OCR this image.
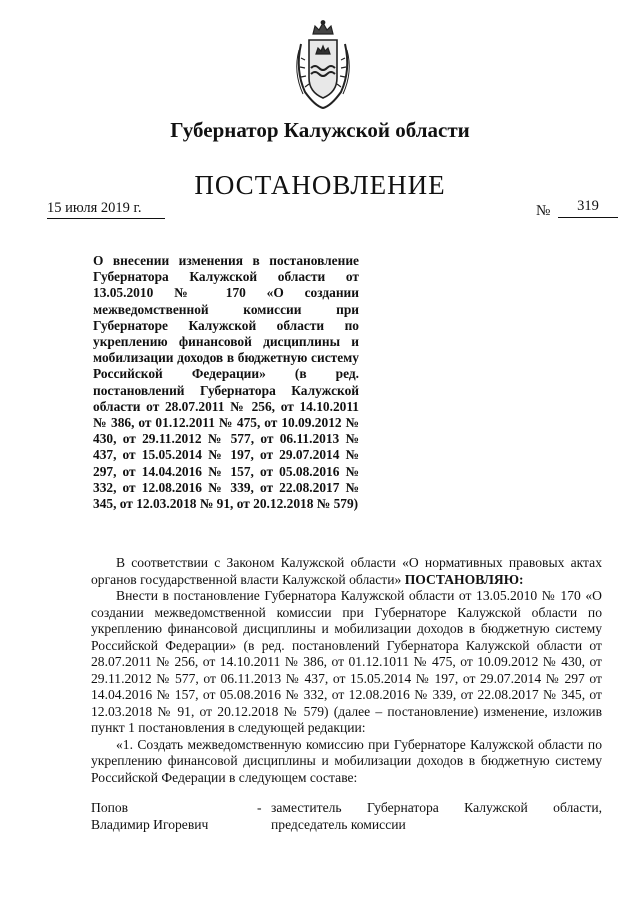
Губернатор Калужской области
ПОСТАНОВЛЕНИЕ
15 июля 2019 г.	№	319

О внесении изменения в постановление Губернатора Калужской области от 13.05.2010 № 170 «О создании межведомственной комиссии при Губернаторе Калужской области по укреплению финансовой дисциплины и мобилизации доходов в бюджетную систему Российской Федерации» (в ред. постановлений Губернатора Калужской области от 28.07.2011 № 256, от 14.10.2011 № 386, от 01.12.2011 № 475, от 10.09.2012 № 430, от 29.11.2012 № 577, от 06.11.2013 № 437, от 15.05.2014 № 197, от 29.07.2014 № 297, от 14.04.2016 № 157, от 05.08.2016 № 332, от 12.08.2016 № 339, от 22.08.2017 № 345, от 12.03.2018 № 91, от 20.12.2018 № 579)

В соответствии с Законом Калужской области «О нормативных правовых актах органов государственной власти Калужской области» ПОСТАНОВЛЯЮ:

Внести в постановление Губернатора Калужской области от 13.05.2010 № 170 «О создании межведомственной комиссии при Губернаторе Калужской области по укреплению финансовой дисциплины и мобилизации доходов в бюджетную систему Российской Федерации» (в ред. постановлений Губернатора Калужской области от 28.07.2011 № 256, от 14.10.2011 № 386, от 01.12.1011 № 475, от 10.09.2012 № 430, от 29.11.2012 № 577, от 06.11.2013 № 437, от 15.05.2014 № 197, от 29.07.2014 № 297 от 14.04.2016 № 157, от 05.08.2016 № 332, от 12.08.2016 № 339, от 22.08.2017 № 345, от 12.03.2018 № 91, от 20.12.2018 № 579) (далее – постановление) изменение, изложив пункт 1 постановления в следующей редакции:

«1. Создать межведомственную комиссию при Губернаторе Калужской области по укреплению финансовой дисциплины и мобилизации доходов в бюджетную систему Российской Федерации в следующем составе:

Попов
Владимир Игоревич
- заместитель Губернатора Калужской области, председатель комиссии
